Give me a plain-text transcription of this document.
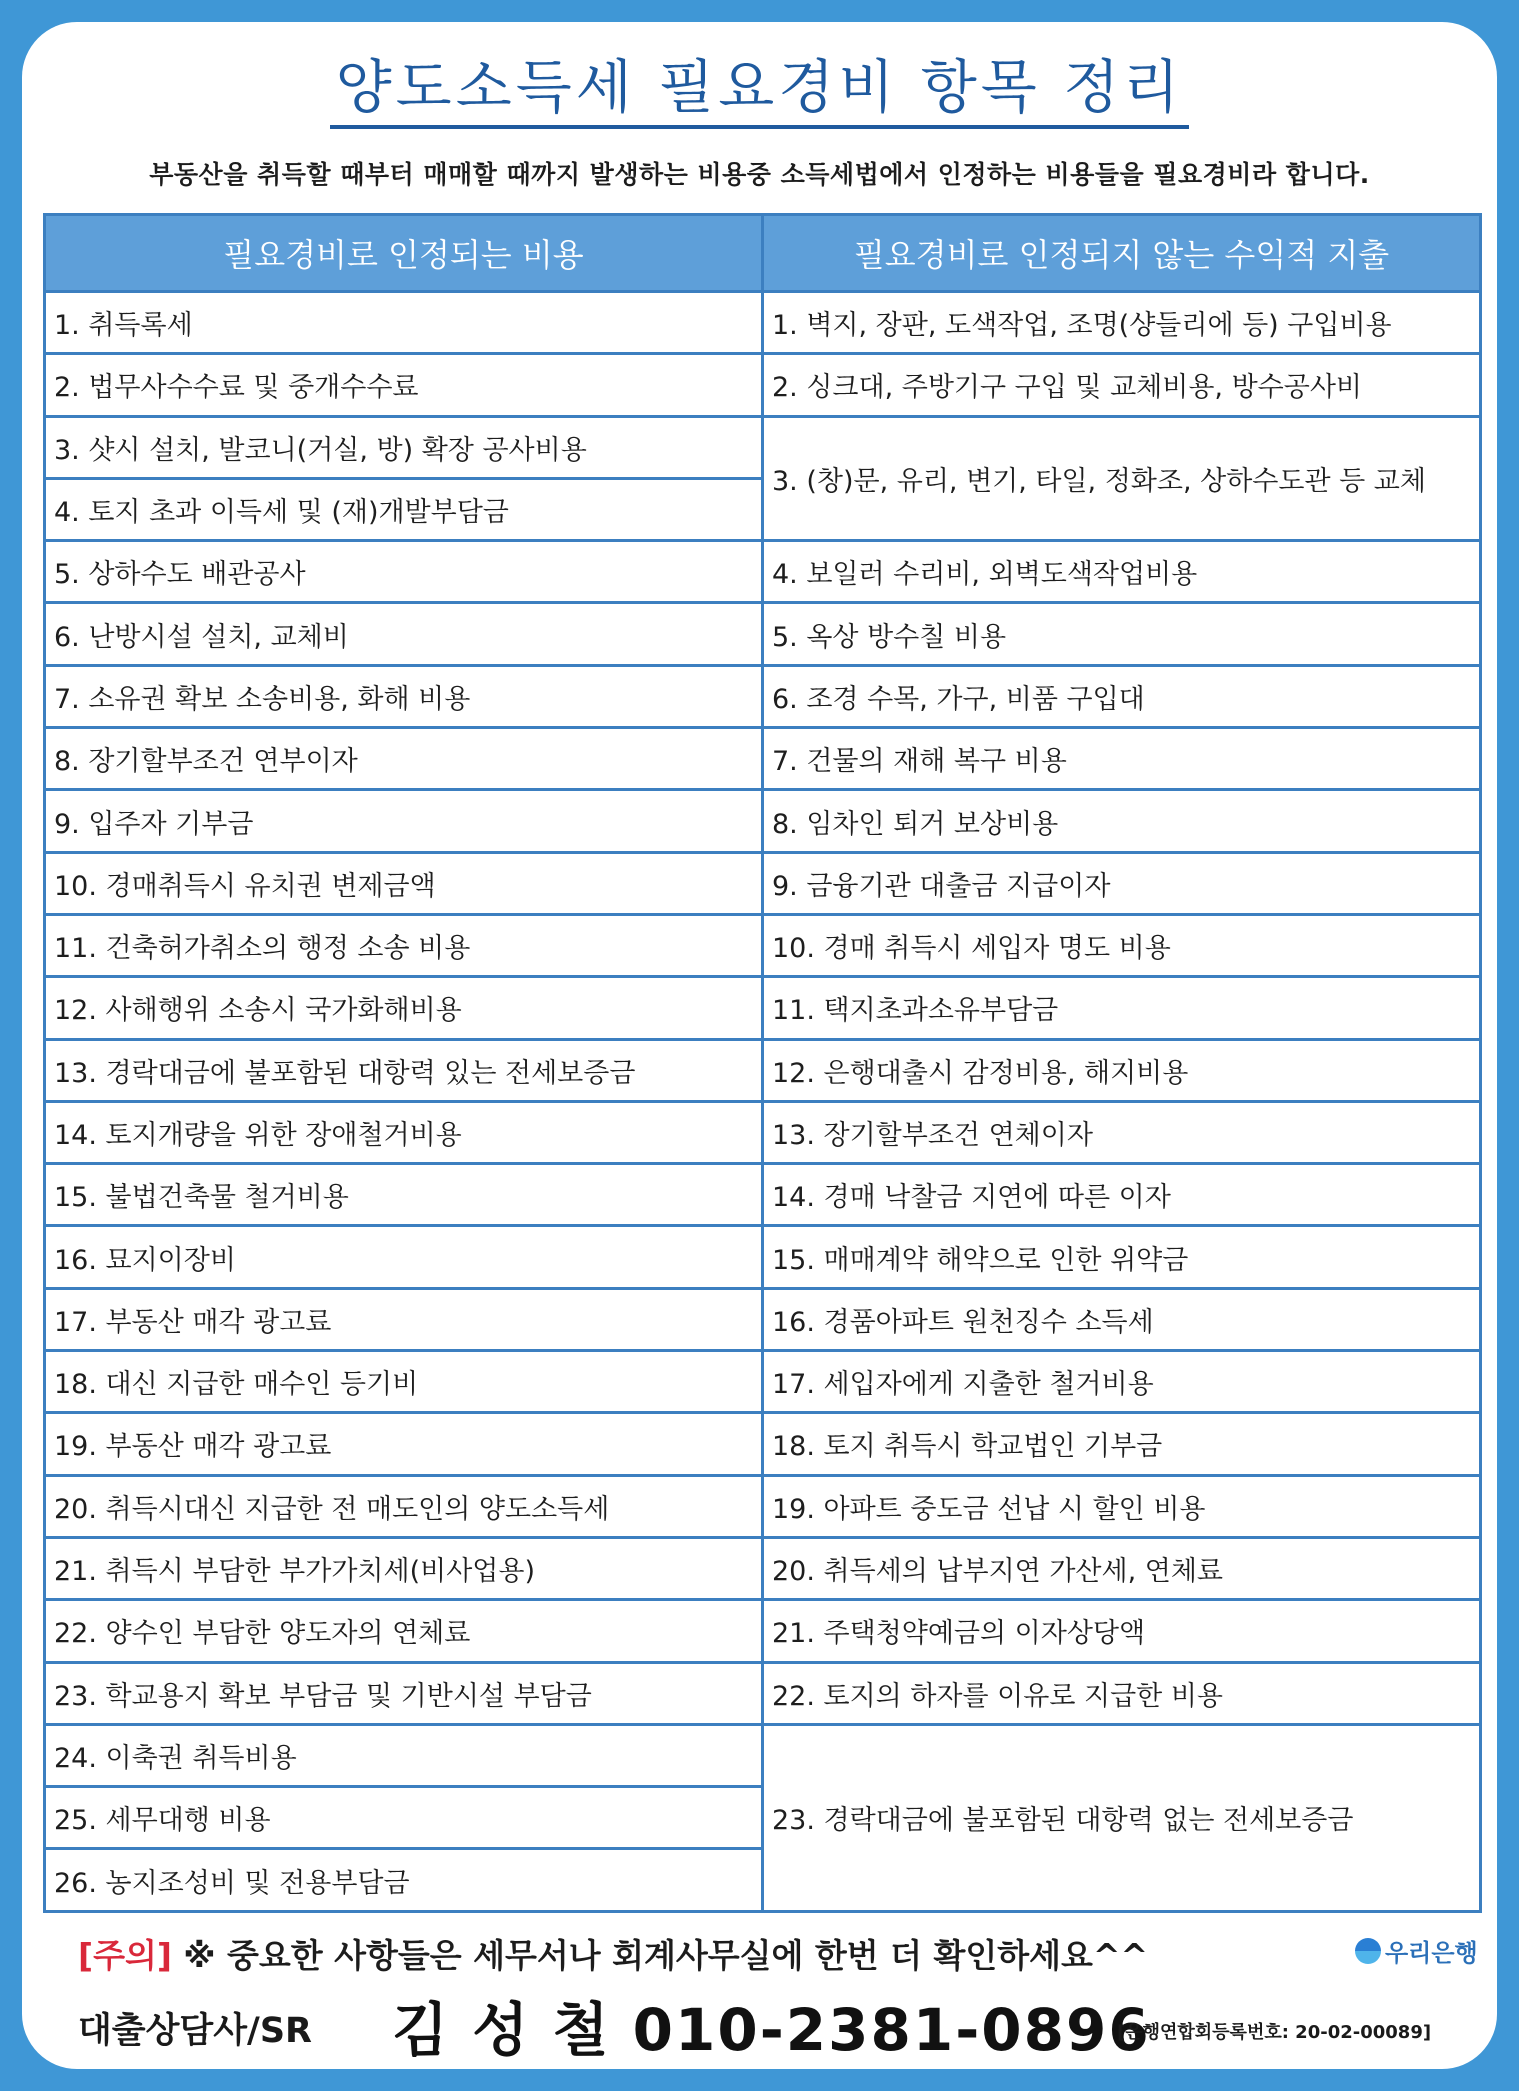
양도소득세 필요경비 항목 정리
부동산을 취득할 때부터 매매할 때까지 발생하는 비용중 소득세법에서 인정하는 비용들을 필요경비라 합니다.
필요경비로 인정되는 비용	필요경비로 인정되지 않는 수익적 지출
1. 취득록세	1. 벽지, 장판, 도색작업, 조명(샹들리에 등) 구입비용
2. 법무사수수료 및 중개수수료	2. 싱크대, 주방기구 구입 및 교체비용, 방수공사비
3. 샷시 설치, 발코니(거실, 방) 확장 공사비용	3. (창)문, 유리, 변기, 타일, 정화조, 상하수도관 등 교체
4. 토지 초과 이득세 및 (재)개발부담금	
5. 상하수도 배관공사	4. 보일러 수리비, 외벽도색작업비용
6. 난방시설 설치, 교체비	5. 옥상 방수칠 비용
7. 소유권 확보 소송비용, 화해 비용	6. 조경 수목, 가구, 비품 구입대
8. 장기할부조건 연부이자	7. 건물의 재해 복구 비용
9. 입주자 기부금	8. 임차인 퇴거 보상비용
10. 경매취득시 유치권 변제금액	9. 금융기관 대출금 지급이자
11. 건축허가취소의 행정 소송 비용	10. 경매 취득시 세입자 명도 비용
12. 사해행위 소송시 국가화해비용	11. 택지초과소유부담금
13. 경락대금에 불포함된 대항력 있는 전세보증금	12. 은행대출시 감정비용, 해지비용
14. 토지개량을 위한 장애철거비용	13. 장기할부조건 연체이자
15. 불법건축물 철거비용	14. 경매 낙찰금 지연에 따른 이자
16. 묘지이장비	15. 매매계약 해약으로 인한 위약금
17. 부동산 매각 광고료	16. 경품아파트 원천징수 소득세
18. 대신 지급한 매수인 등기비	17. 세입자에게 지출한 철거비용
19. 부동산 매각 광고료	18. 토지 취득시 학교법인 기부금
20. 취득시대신 지급한 전 매도인의 양도소득세	19. 아파트 중도금 선납 시 할인 비용
21. 취득시 부담한 부가가치세(비사업용)	20. 취득세의 납부지연 가산세, 연체료
22. 양수인 부담한 양도자의 연체료	21. 주택청약예금의 이자상당액
23. 학교용지 확보 부담금 및 기반시설 부담금	22. 토지의 하자를 이유로 지급한 비용
24. 이축권 취득비용	23. 경락대금에 불포함된 대항력 없는 전세보증금
25. 세무대행 비용	
26. 농지조성비 및 전용부담금	
[주의] ※ 중요한 사항들은 세무서나 회계사무실에 한번 더 확인하세요^^	우리은행
대출상담사/SR 김 성 철 010-2381-0896
[은행연합회등록번호: 20-02-00089]
